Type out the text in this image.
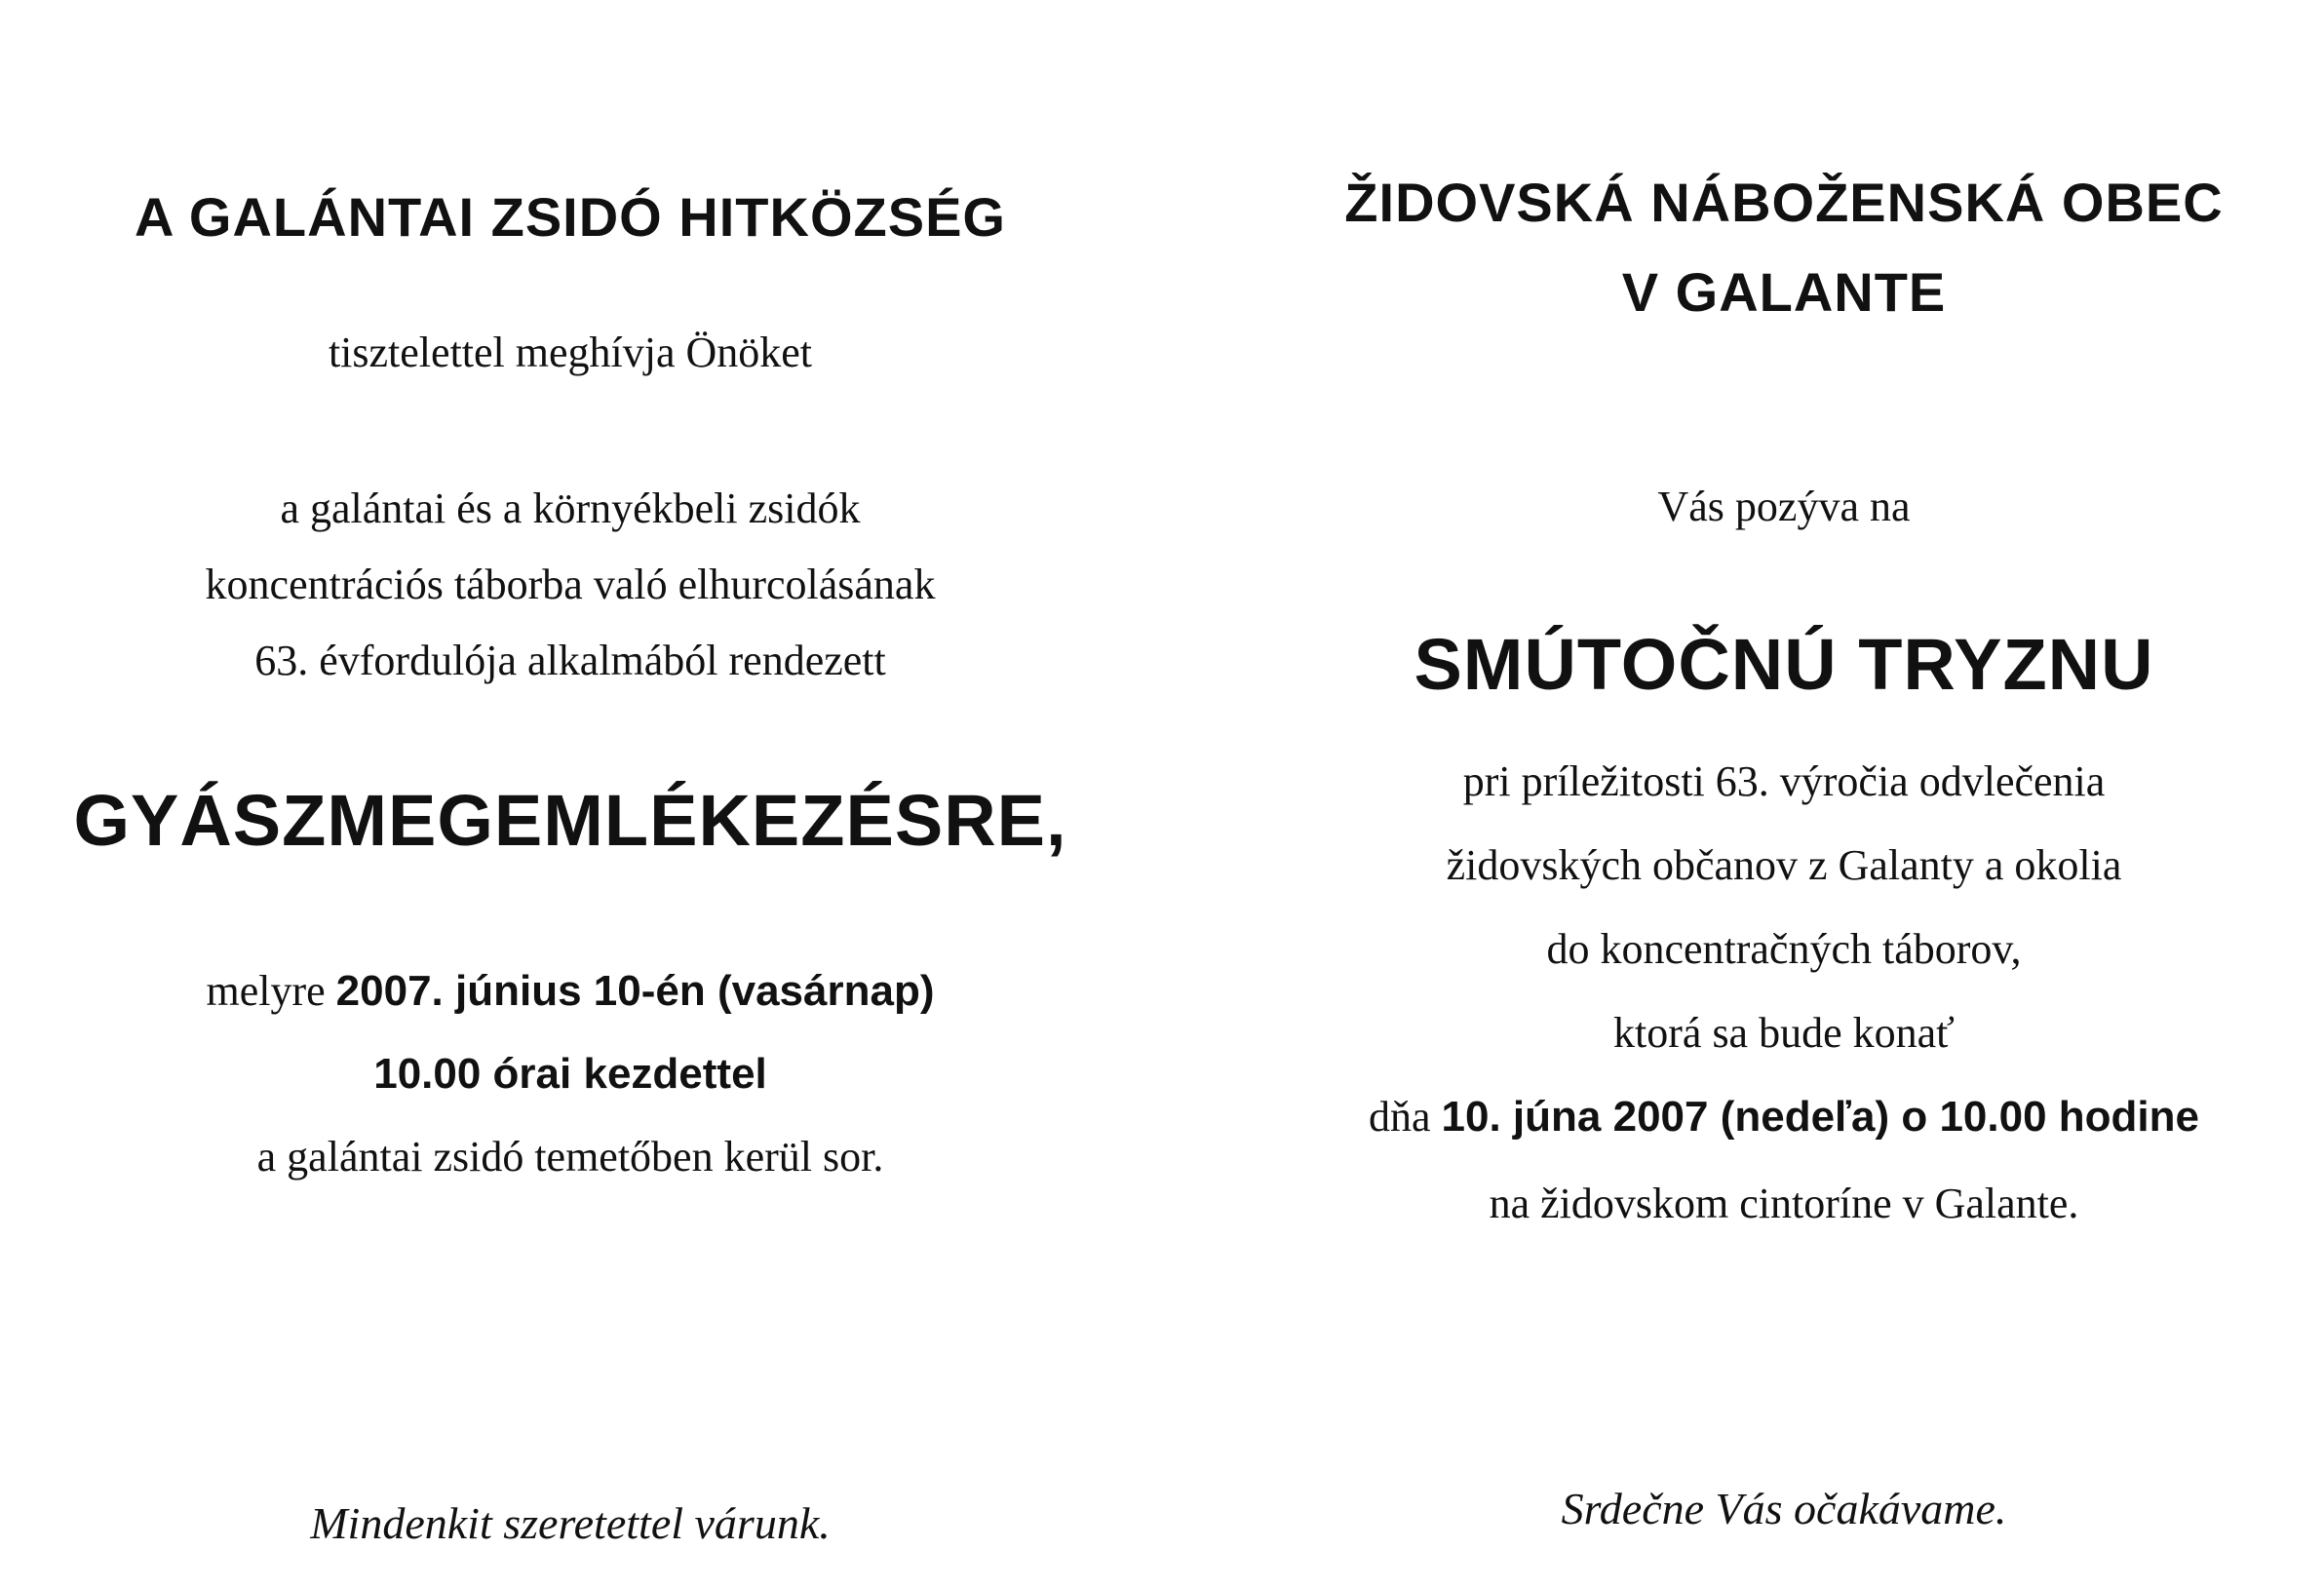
A GALÁNTAI ZSIDÓ HITKÖZSÉG
tisztelettel meghívja Önöket
a galántai és a környékbeli zsidók
koncentrációs táborba való elhurcolásának
63. évfordulója alkalmából rendezett
GYÁSZMEGEMLÉKEZÉSRE,
melyre 2007. június 10-én (vasárnap)
10.00 órai kezdettel
a galántai zsidó temetőben kerül sor.
Mindenkit szeretettel várunk.
ŽIDOVSKÁ NÁBOŽENSKÁ OBEC
V GALANTE
Vás pozýva na
SMÚTOČNÚ TRYZNU
pri príležitosti 63. výročia odvlečenia
židovských občanov z Galanty a okolia
do koncentračných táborov,
ktorá sa bude konať
dňa 10. júna 2007 (nedeľa) o 10.00 hodine
na židovskom cintoríne v Galante.
Srdečne Vás očakávame.
